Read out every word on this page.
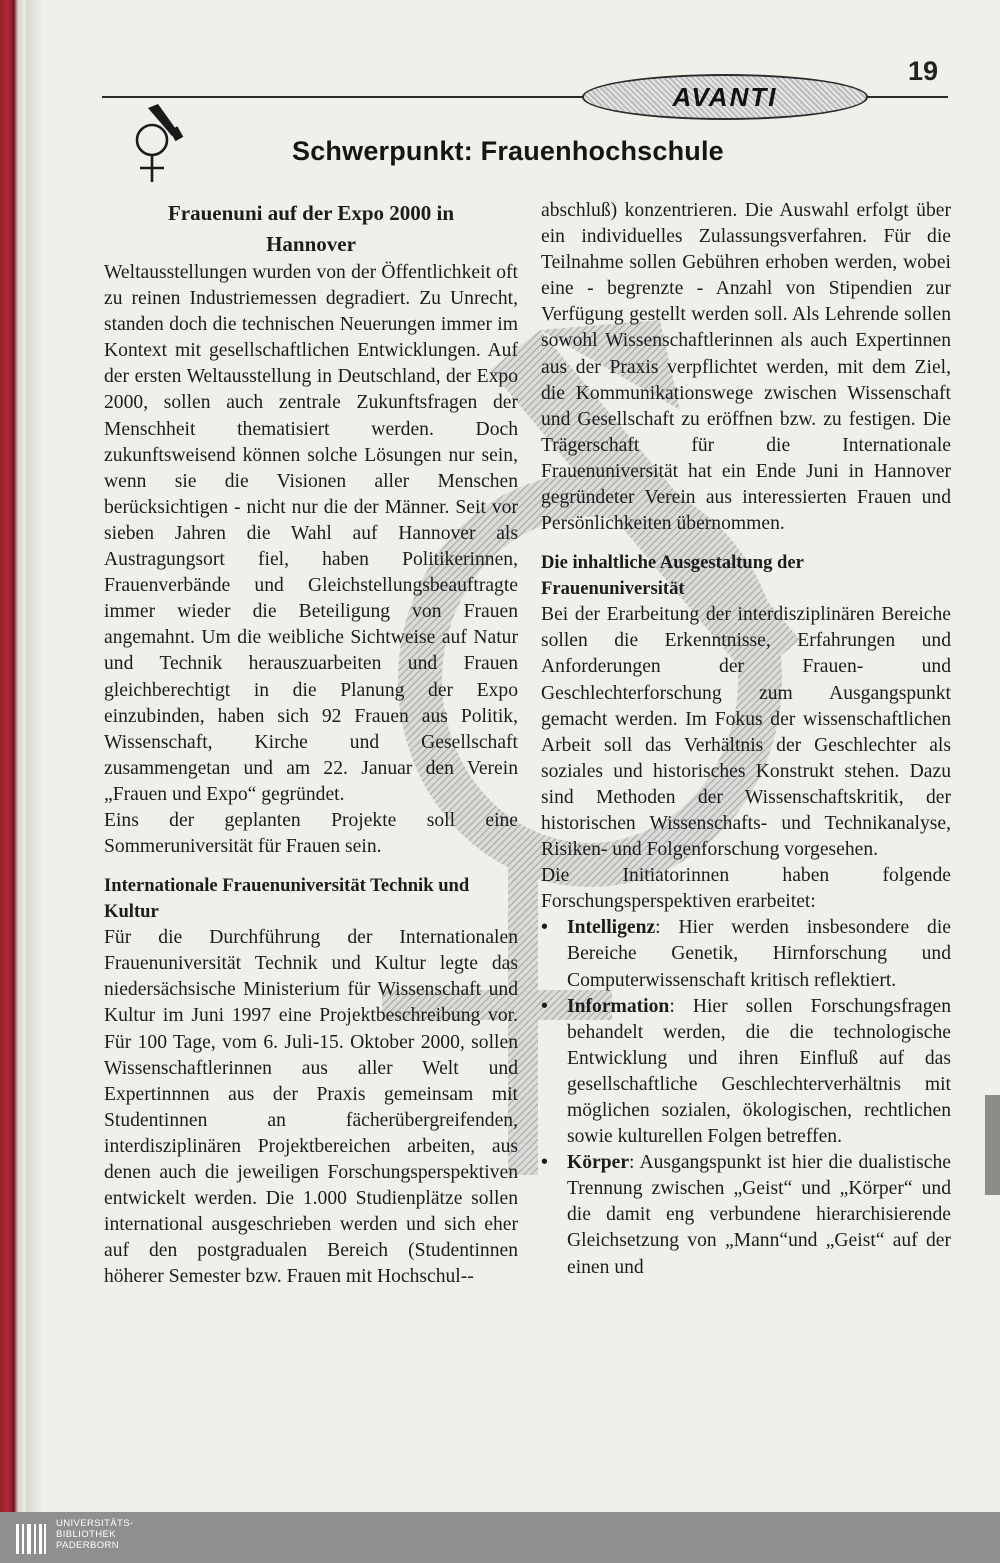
19
AVANTI
Schwerpunkt: Frauenhochschule
Frauenuni auf der Expo 2000 in
Hannover

Weltausstellungen wurden von der Öffentlichkeit oft zu reinen Industriemessen degradiert. Zu Unrecht, standen doch die technischen Neuerungen immer im Kontext mit gesellschaftlichen Entwicklungen. Auf der ersten Weltausstellung in Deutschland, der Expo 2000, sollen auch zentrale Zukunftsfragen der Menschheit thematisiert werden. Doch zukunftsweisend können solche Lösungen nur sein, wenn sie die Visionen aller Menschen berücksichtigen - nicht nur die der Männer. Seit vor sieben Jahren die Wahl auf Hannover als Austragungsort fiel, haben Politikerinnen, Frauenverbände und Gleichstellungsbeauftragte immer wieder die Beteiligung von Frauen angemahnt. Um die weibliche Sichtweise auf Natur und Technik herauszuarbeiten und Frauen gleichberechtigt in die Planung der Expo einzubinden, haben sich 92 Frauen aus Politik, Wissenschaft, Kirche und Gesellschaft zusammengetan und am 22. Januar den Verein „Frauen und Expo“ gegründet.

Eins der geplanten Projekte soll eine Sommeruniversität für Frauen sein.

Internationale Frauenuniversität Technik und Kultur

Für die Durchführung der Internationalen Frauenuniversität Technik und Kultur legte das niedersächsische Ministerium für Wissenschaft und Kultur im Juni 1997 eine Projektbeschreibung vor. Für 100 Tage, vom 6. Juli-15. Oktober 2000, sollen Wissenschaftlerinnen aus aller Welt und Expertinnnen aus der Praxis gemeinsam mit Studentinnen an fächerübergreifenden, interdisziplinären Projektbereichen arbeiten, aus denen auch die jeweiligen Forschungsperspektiven entwickelt werden. Die 1.000 Studienplätze sollen international ausgeschrieben werden und sich eher auf den postgradualen Bereich (Studentinnen höherer Semester bzw. Frauen mit Hochschul--

abschluß) konzentrieren. Die Auswahl erfolgt über ein individuelles Zulassungsverfahren. Für die Teilnahme sollen Gebühren erhoben werden, wobei eine - begrenzte - Anzahl von Stipendien zur Verfügung gestellt werden soll. Als Lehrende sollen sowohl Wissenschaftlerinnen als auch Expertinnen aus der Praxis verpflichtet werden, mit dem Ziel, die Kommunikationswege zwischen Wissenschaft und Gesellschaft zu eröffnen bzw. zu festigen. Die Trägerschaft für die Internationale Frauenuniversität hat ein Ende Juni in Hannover gegründeter Verein aus interessierten Frauen und Persönlichkeiten übernommen.

Die inhaltliche Ausgestaltung der Frauenuniversität

Bei der Erarbeitung der interdisziplinären Bereiche sollen die Erkenntnisse, Erfahrungen und Anforderungen der Frauen- und Geschlechterforschung zum Ausgangspunkt gemacht werden. Im Fokus der wissenschaftlichen Arbeit soll das Verhältnis der Geschlechter als soziales und historisches Konstrukt stehen. Dazu sind Methoden der Wissenschaftskritik, der historischen Wissenschafts- und Technikanalyse, Risiken- und Folgenforschung vorgesehen.

Die Initiatorinnen haben folgende Forschungsperspektiven erarbeitet:

• Intelligenz: Hier werden insbesondere die Bereiche Genetik, Hirnforschung und Computerwissenschaft kritisch reflektiert.
• Information: Hier sollen Forschungsfragen behandelt werden, die die technologische Entwicklung und ihren Einfluß auf das gesellschaftliche Geschlechterverhältnis mit möglichen sozialen, ökologischen, rechtlichen sowie kulturellen Folgen betreffen.
• Körper: Ausgangspunkt ist hier die dualistische Trennung zwischen „Geist“ und „Körper“ und die damit eng verbundene hierarchisierende Gleichsetzung von „Mann“und „Geist“ auf der einen und
UNIVERSITÄTS-
BIBLIOTHEK
PADERBORN
